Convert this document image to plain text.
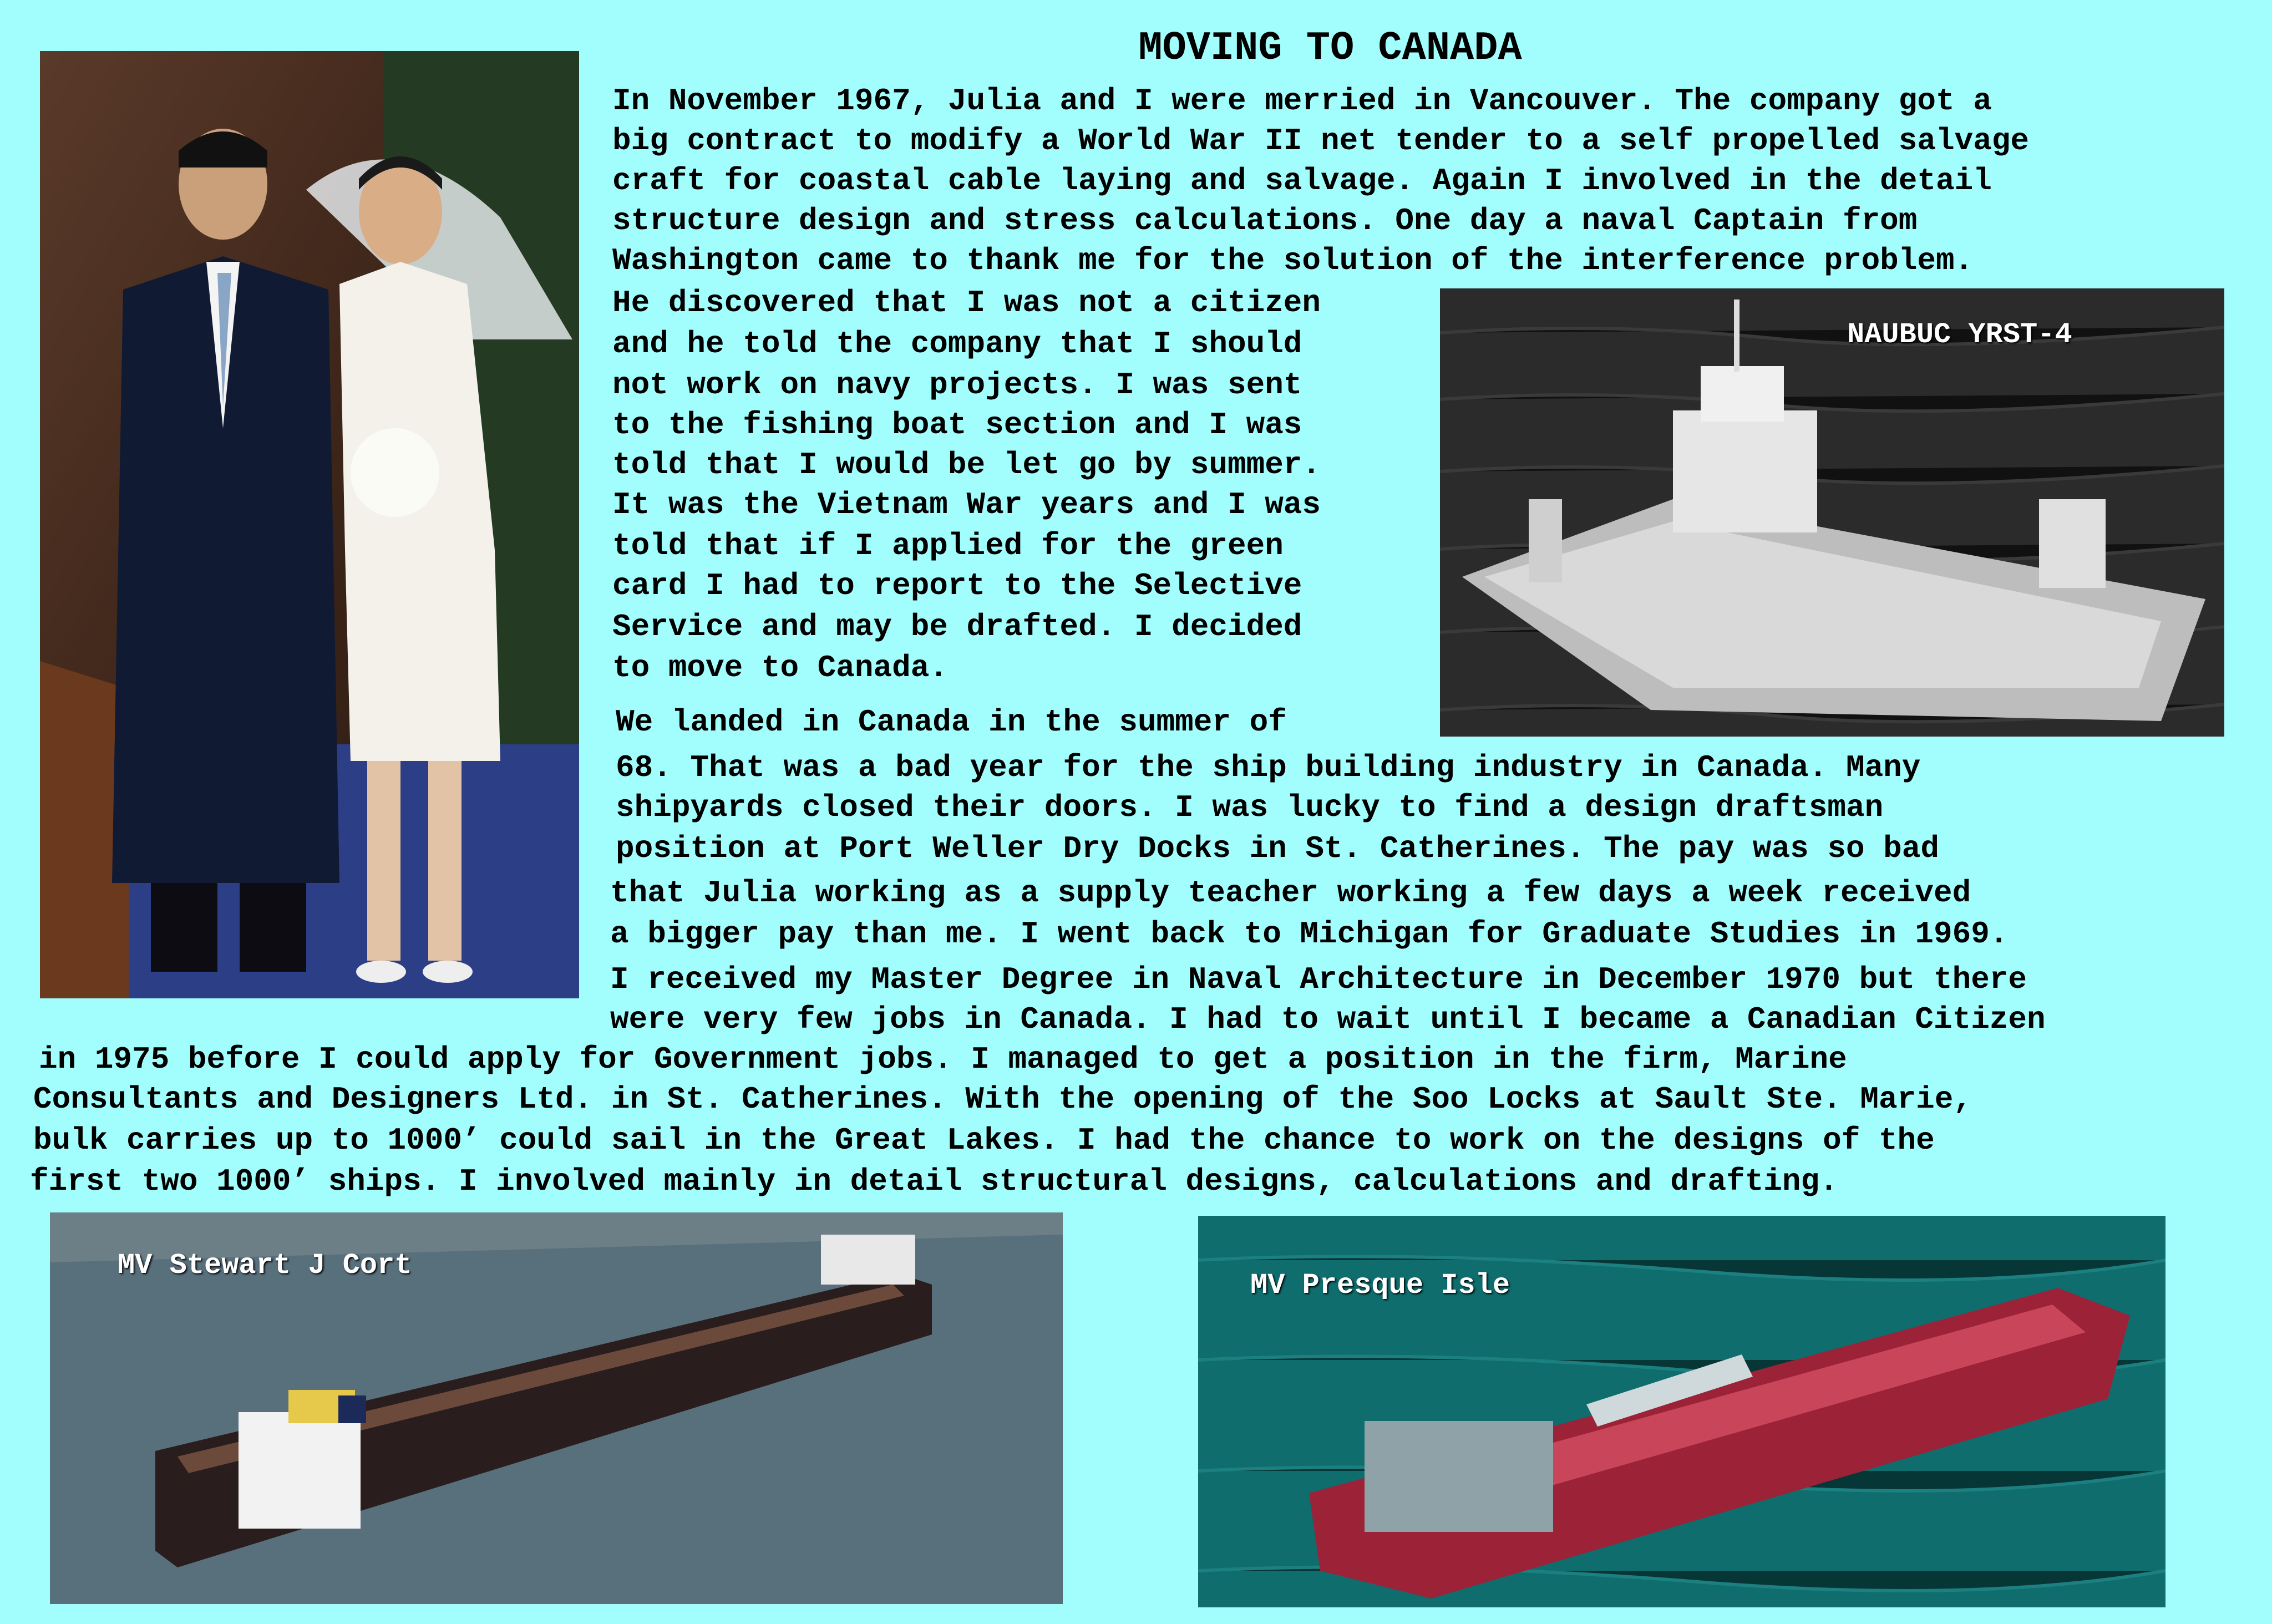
MOVING TO CANADA
NAUBUC YRST-4
MV Stewart J Cort
MV Presque Isle
In November 1967, Julia and I were merried in Vancouver. The company got a
big contract to modify a World War II net tender to a self propelled salvage
craft for coastal cable laying and salvage. Again I involved in the detail
structure design and stress calculations. One day a naval Captain from
Washington came to thank me for the solution of the interference problem.
He discovered that I was not a citizen
and he told the company that I should
not work on navy projects. I was sent
to the fishing boat section and I was
told that I would be let go by summer.
It was the Vietnam War years and I was
told that if I applied for the green
card I had to report to the Selective
Service and may be drafted. I decided
to move to Canada.
We landed in Canada in the summer of
68. That was a bad year for the ship building industry in Canada. Many
shipyards closed their doors. I was lucky to find a design draftsman
position at Port Weller Dry Docks in St. Catherines. The pay was so bad
that Julia working as a supply teacher working a few days a week received
a bigger pay than me. I went back to Michigan for Graduate Studies in 1969.
I received my Master Degree in Naval Architecture in December 1970 but there
were very few jobs in Canada. I had to wait until I became a Canadian Citizen
in 1975 before I could apply for Government jobs. I managed to get a position in the firm, Marine
Consultants and Designers Ltd. in St. Catherines. With the opening of the Soo Locks at Sault Ste. Marie,
bulk carries up to 1000’ could sail in the Great Lakes. I had the chance to work on the designs of the
first two 1000’ ships. I involved mainly in detail structural designs, calculations and drafting.
